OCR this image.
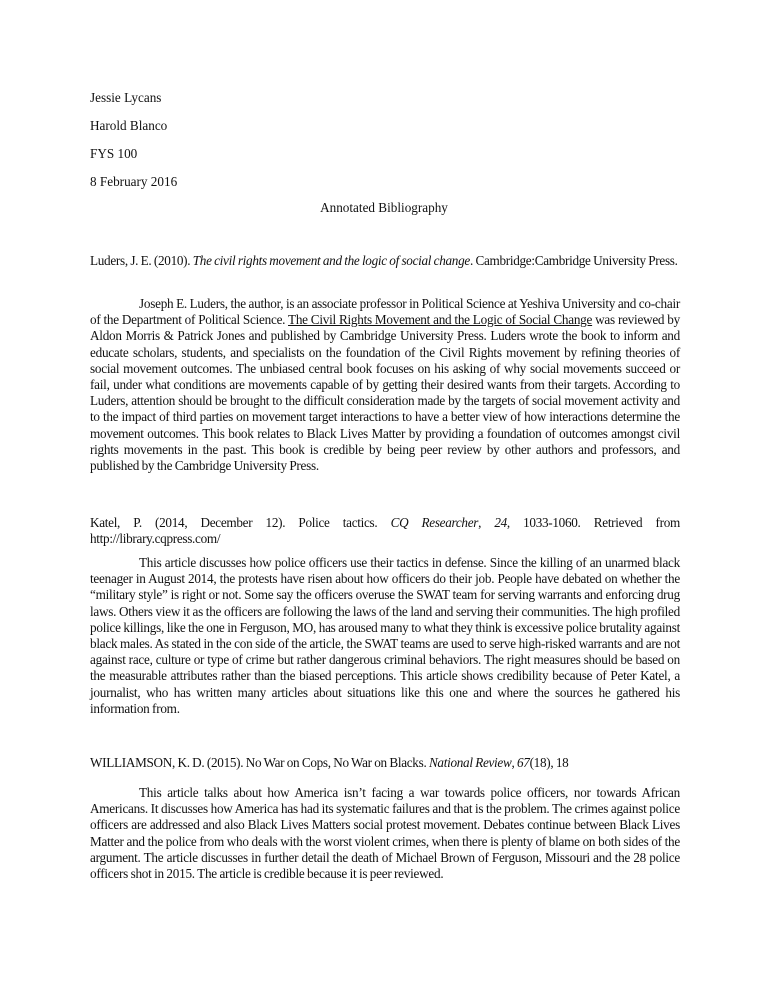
Jessie Lycans
Harold Blanco
FYS 100
8 February 2016
Annotated Bibliography
Luders, J. E. (2010). The civil rights movement and the logic of social change. Cambridge:Cambridge University Press.
Joseph E. Luders, the author, is an associate professor in Political Science at Yeshiva University and co-chair of the Department of Political Science. The Civil Rights Movement and the Logic of Social Change was reviewed by Aldon Morris & Patrick Jones and published by Cambridge University Press. Luders wrote the book to inform and educate scholars, students, and specialists on the foundation of the Civil Rights movement by refining theories of social movement outcomes. The unbiased central book focuses on his asking of why social movements succeed or fail, under what conditions are movements capable of by getting their desired wants from their targets. According to Luders, attention should be brought to the difficult consideration made by the targets of social movement activity and to the impact of third parties on movement target interactions to have a better view of how interactions determine the movement outcomes. This book relates to Black Lives Matter by providing a foundation of outcomes amongst civil rights movements in the past. This book is credible by being peer review by other authors and professors, and published by the Cambridge University Press.
Katel, P. (2014, December 12). Police tactics. CQ Researcher, 24, 1033-1060. Retrieved from http://library.cqpress.com/
This article discusses how police officers use their tactics in defense. Since the killing of an unarmed black teenager in August 2014, the protests have risen about how officers do their job. People have debated on whether the “military style” is right or not. Some say the officers overuse the SWAT team for serving warrants and enforcing drug laws. Others view it as the officers are following the laws of the land and serving their communities. The high profiled police killings, like the one in Ferguson, MO, has aroused many to what they think is excessive police brutality against black males. As stated in the con side of the article, the SWAT teams are used to serve high-risked warrants and are not against race, culture or type of crime but rather dangerous criminal behaviors. The right measures should be based on the measurable attributes rather than the biased perceptions. This article shows credibility because of Peter Katel, a journalist, who has written many articles about situations like this one and where the sources he gathered his information from.
WILLIAMSON, K. D. (2015). No War on Cops, No War on Blacks. National Review, 67(18), 18
This article talks about how America isn’t facing a war towards police officers, nor towards African Americans. It discusses how America has had its systematic failures and that is the problem. The crimes against police officers are addressed and also Black Lives Matters social protest movement. Debates continue between Black Lives Matter and the police from who deals with the worst violent crimes, when there is plenty of blame on both sides of the argument. The article discusses in further detail the death of Michael Brown of Ferguson, Missouri and the 28 police officers shot in 2015. The article is credible because it is peer reviewed.
